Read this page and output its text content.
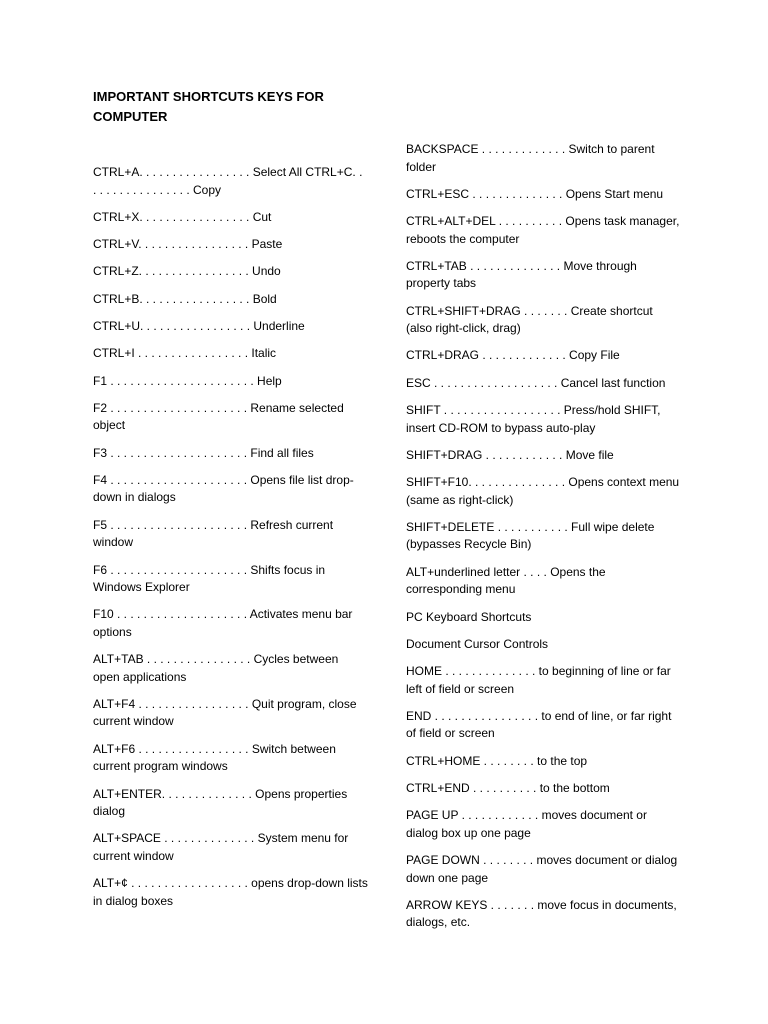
IMPORTANT SHORTCUTS KEYS FOR COMPUTER

CTRL+A. . . . . . . . . . . . . . . . . Select All CTRL+C. . . . . . . . . . . . . . . . . Copy

CTRL+X. . . . . . . . . . . . . . . . . Cut

CTRL+V. . . . . . . . . . . . . . . . . Paste

CTRL+Z. . . . . . . . . . . . . . . . . Undo

CTRL+B. . . . . . . . . . . . . . . . . Bold

CTRL+U. . . . . . . . . . . . . . . . . Underline

CTRL+I . . . . . . . . . . . . . . . . . Italic

F1 . . . . . . . . . . . . . . . . . . . . . . Help

F2 . . . . . . . . . . . . . . . . . . . . . Rename selected object

F3 . . . . . . . . . . . . . . . . . . . . . Find all files

F4 . . . . . . . . . . . . . . . . . . . . . Opens file list drop-down in dialogs

F5 . . . . . . . . . . . . . . . . . . . . . Refresh current window

F6 . . . . . . . . . . . . . . . . . . . . . Shifts focus in Windows Explorer

F10 . . . . . . . . . . . . . . . . . . . . Activates menu bar options

ALT+TAB . . . . . . . . . . . . . . . . Cycles between open applications

ALT+F4 . . . . . . . . . . . . . . . . . Quit program, close current window

ALT+F6 . . . . . . . . . . . . . . . . . Switch between current program windows

ALT+ENTER. . . . . . . . . . . . . . Opens properties dialog

ALT+SPACE . . . . . . . . . . . . . . System menu for current window

ALT+¢ . . . . . . . . . . . . . . . . . . opens drop-down lists in dialog boxes

BACKSPACE . . . . . . . . . . . . . Switch to parent folder

CTRL+ESC . . . . . . . . . . . . . . Opens Start menu

CTRL+ALT+DEL . . . . . . . . . . Opens task manager, reboots the computer

CTRL+TAB . . . . . . . . . . . . . . Move through property tabs

CTRL+SHIFT+DRAG . . . . . . . Create shortcut (also right-click, drag)

CTRL+DRAG . . . . . . . . . . . . . Copy File

ESC . . . . . . . . . . . . . . . . . . . Cancel last function

SHIFT . . . . . . . . . . . . . . . . . . Press/hold SHIFT, insert CD-ROM to bypass auto-play

SHIFT+DRAG . . . . . . . . . . . . Move file

SHIFT+F10. . . . . . . . . . . . . . . Opens context menu (same as right-click)

SHIFT+DELETE . . . . . . . . . . . Full wipe delete (bypasses Recycle Bin)

ALT+underlined letter . . . . Opens the corresponding menu

PC Keyboard Shortcuts

Document Cursor Controls

HOME . . . . . . . . . . . . . . to beginning of line or far left of field or screen

END . . . . . . . . . . . . . . . . to end of line, or far right of field or screen

CTRL+HOME . . . . . . . . to the top

CTRL+END . . . . . . . . . . to the bottom

PAGE UP . . . . . . . . . . . . moves document or dialog box up one page

PAGE DOWN . . . . . . . . moves document or dialog down one page

ARROW KEYS . . . . . . . move focus in documents, dialogs, etc.
